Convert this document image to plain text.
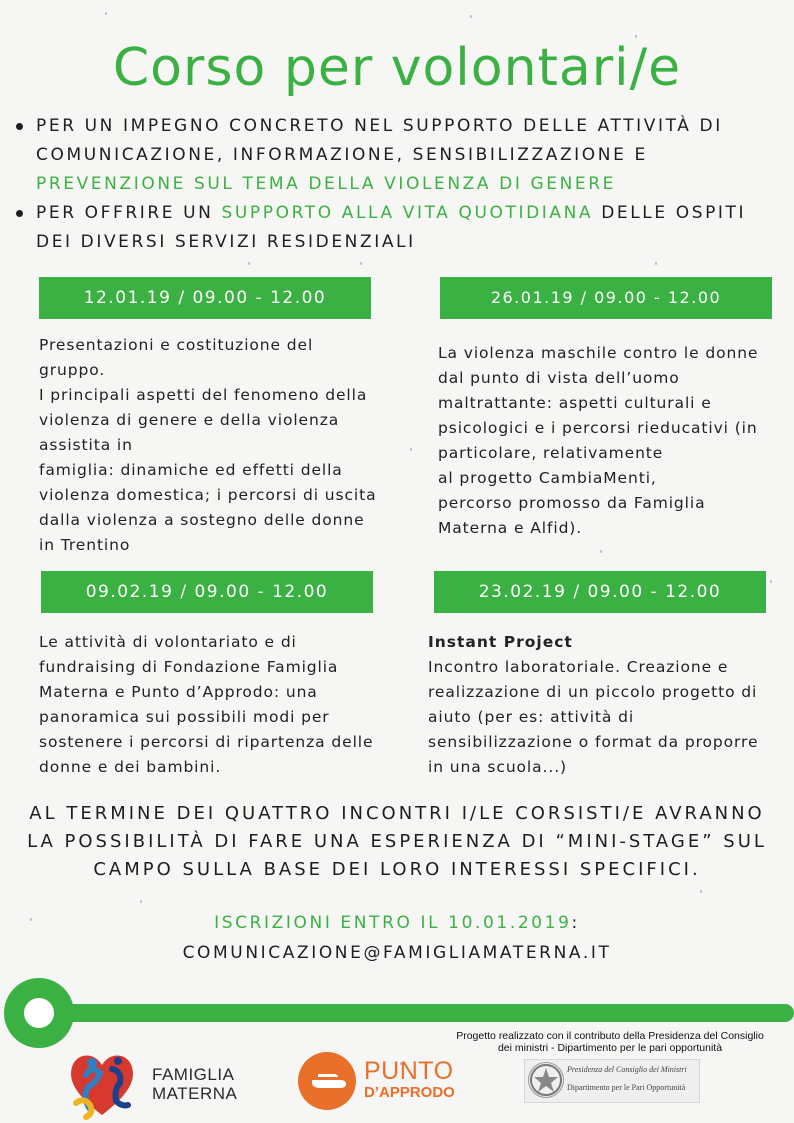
Corso per volontari/e
PER UN IMPEGNO CONCRETO NEL SUPPORTO DELLE ATTIVITÀ DI COMUNICAZIONE, INFORMAZIONE, SENSIBILIZZAZIONE E PREVENZIONE SUL TEMA DELLA VIOLENZA DI GENERE
PER OFFRIRE UN SUPPORTO ALLA VITA QUOTIDIANA DELLE OSPITI DEI DIVERSI SERVIZI RESIDENZIALI
12.01.19 / 09.00 - 12.00
Presentazioni e costituzione del gruppo.
I principali aspetti del fenomeno della violenza di genere e della violenza assistita in
famiglia: dinamiche ed effetti della violenza domestica; i percorsi di uscita dalla violenza a sostegno delle donne in Trentino
26.01.19 / 09.00 - 12.00
La violenza maschile contro le donne dal punto di vista dell’uomo maltrattante: aspetti culturali e psicologici e i percorsi rieducativi (in particolare, relativamente
al progetto CambiaMenti,
percorso promosso da Famiglia Materna e Alfid).
09.02.19 / 09.00 - 12.00
Le attività di volontariato e di fundraising di Fondazione Famiglia Materna e Punto d’Approdo: una panoramica sui possibili modi per sostenere i percorsi di ripartenza delle donne e dei bambini.
23.02.19 / 09.00 - 12.00
Instant Project
Incontro laboratoriale. Creazione e realizzazione di un piccolo progetto di aiuto (per es: attività di sensibilizzazione o format da proporre in una scuola...)
AL TERMINE DEI QUATTRO INCONTRI I/LE CORSISTI/E AVRANNO LA POSSIBILITÀ DI FARE UNA ESPERIENZA DI “MINI-STAGE” SUL CAMPO SULLA BASE DEI LORO INTERESSI SPECIFICI.
ISCRIZIONI ENTRO IL 10.01.2019:
COMUNICAZIONE@FAMIGLIAMATERNA.IT
Progetto realizzato con il contributo della Presidenza del Consiglio dei ministri - Dipartimento per le pari opportunità
FAMIGLIA
MATERNA
PUNTO
D’APPRODO
Presidenza del Consiglio dei Ministri
Dipartimento per le Pari Opportunità
